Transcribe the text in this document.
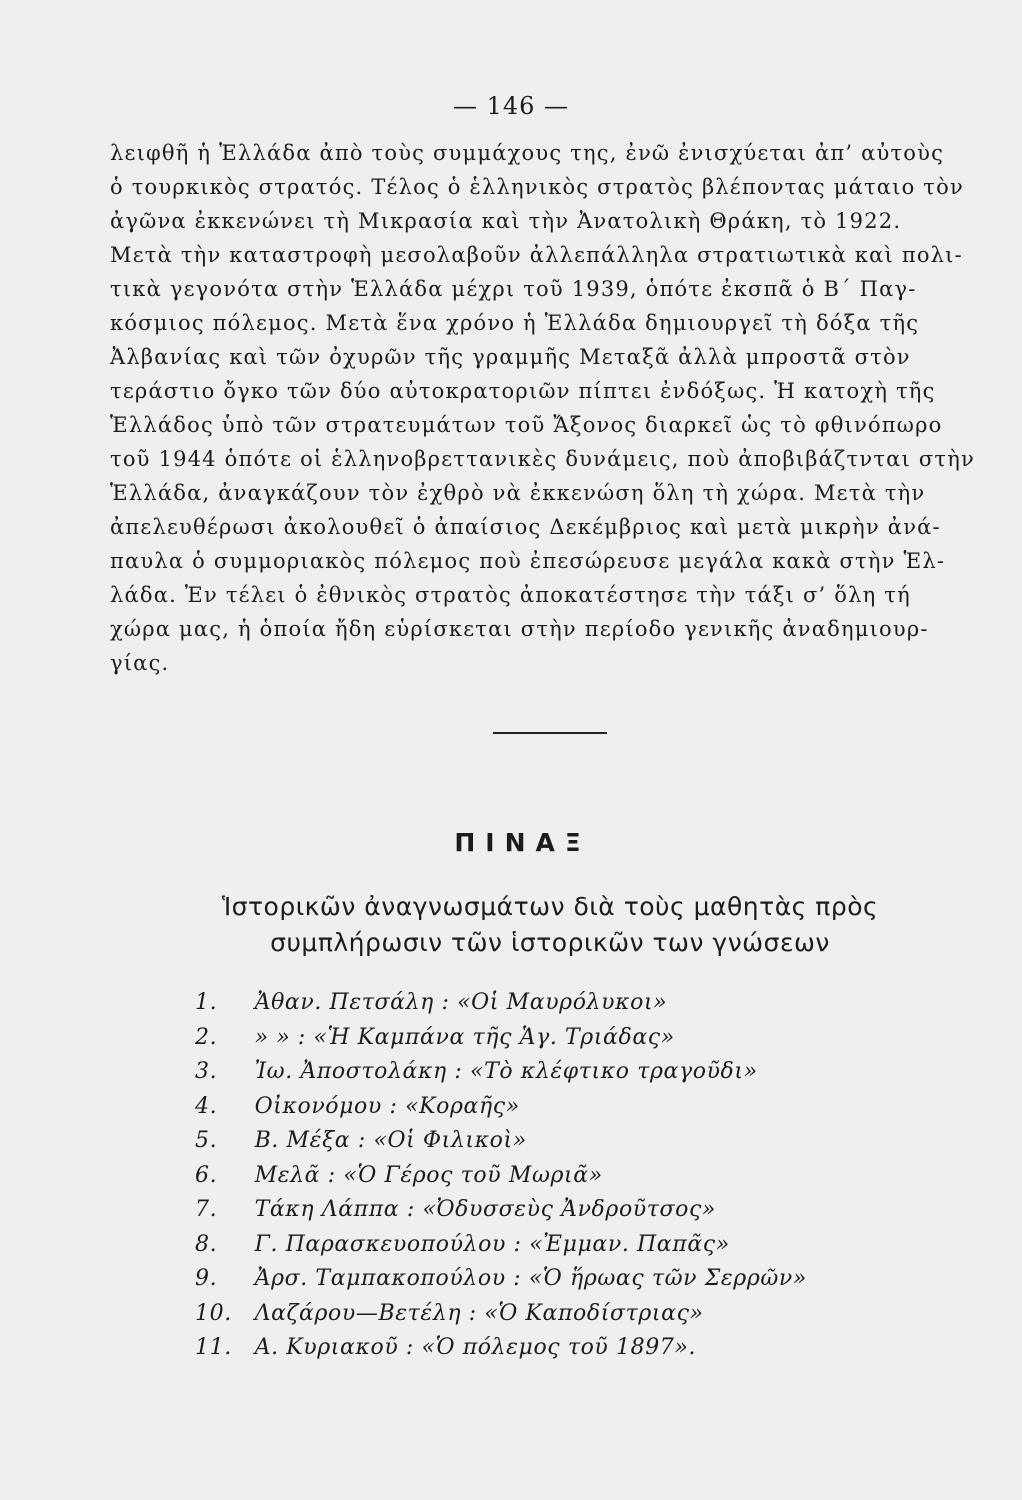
— 146 —
λειφθῆ ἡ Ἑλλάδα ἀπὸ τοὺς συμμάχους της, ἐνῶ ἐνισχύεται ἀπ’ αὐτοὺς
ὁ τουρκικὸς στρατός. Τέλος ὁ ἑλληνικὸς στρατὸς βλέποντας μάταιο τὸν
ἀγῶνα ἐκκενώνει τὴ Μικρασία καὶ τὴν Ἀνατολικὴ Θράκη, τὸ 1922.
Μετὰ τὴν καταστροφὴ μεσολαβοῦν ἀλλεπάλληλα στρατιωτικὰ καὶ πολι-
τικὰ γεγονότα στὴν Ἑλλάδα μέχρι τοῦ 1939, ὁπότε ἐκσπᾶ ὁ Β΄ Παγ-
κόσμιος πόλεμος. Μετὰ ἕνα χρόνο ἡ Ἑλλάδα δημιουργεῖ τὴ δόξα τῆς
Ἀλβανίας καὶ τῶν ὀχυρῶν τῆς γραμμῆς Μεταξᾶ ἀλλὰ μπροστᾶ στὸν
τεράστιο ὄγκο τῶν δύο αὐτοκρατοριῶν πίπτει ἐνδόξως. Ἡ κατοχὴ τῆς
Ἑλλάδος ὑπὸ τῶν στρατευμάτων τοῦ Ἄξονος διαρκεῖ ὡς τὸ φθινόπωρο
τοῦ 1944 ὁπότε οἱ ἑλληνοβρεττανικὲς δυνάμεις, ποὺ ἀποβιβάζτνται στὴν
Ἑλλάδα, ἀναγκάζουν τὸν ἐχθρὸ νὰ ἐκκενώση ὅλη τὴ χώρα. Μετὰ τὴν
ἀπελευθέρωσι ἀκολουθεῖ ὁ ἀπαίσιος Δεκέμβριος καὶ μετὰ μικρὴν ἀνά-
παυλα ὁ συμμοριακὸς πόλεμος ποὺ ἐπεσώρευσε μεγάλα κακὰ στὴν Ἑλ-
λάδα. Ἐν τέλει ὁ ἐθνικὸς στρατὸς ἀποκατέστησε τὴν τάξι σ’ ὅλη τή
χώρα μας, ἡ ὁποία ἤδη εὑρίσκεται στὴν περίοδο γενικῆς ἀναδημιουρ-
γίας.
ΠΙΝΑΞ
Ἱστορικῶν ἀναγνωσμάτων διὰ τοὺς μαθητὰς πρὸς
συμπλήρωσιν τῶν ἱστορικῶν των γνώσεων
1. Ἀθαν. Πετσάλη : «Οἱ Μαυρόλυκοι»
2. » » : «Ἡ Καμπάνα τῆς Ἁγ. Τριάδας»
3. Ἰω. Ἀποστολάκη : «Τὸ κλέφτικο τραγοῦδι»
4. Οἰκονόμου : «Κοραῆς»
5. Β. Μέξα : «Οἱ Φιλικοὶ»
6. Μελᾶ : «Ὁ Γέρος τοῦ Μωριᾶ»
7. Τάκη Λάππα : «Ὀδυσσεὺς Ἀνδροῦτσος»
8. Γ. Παρασκευοπούλου : «Ἐμμαν. Παπᾶς»
9. Ἀρσ. Ταμπακοπούλου : «Ὁ ἥρωας τῶν Σερρῶν»
10. Λαζάρου—Βετέλη : «Ὁ Καποδίστριας»
11. Α. Κυριακοῦ : «Ὁ πόλεμος τοῦ 1897».
